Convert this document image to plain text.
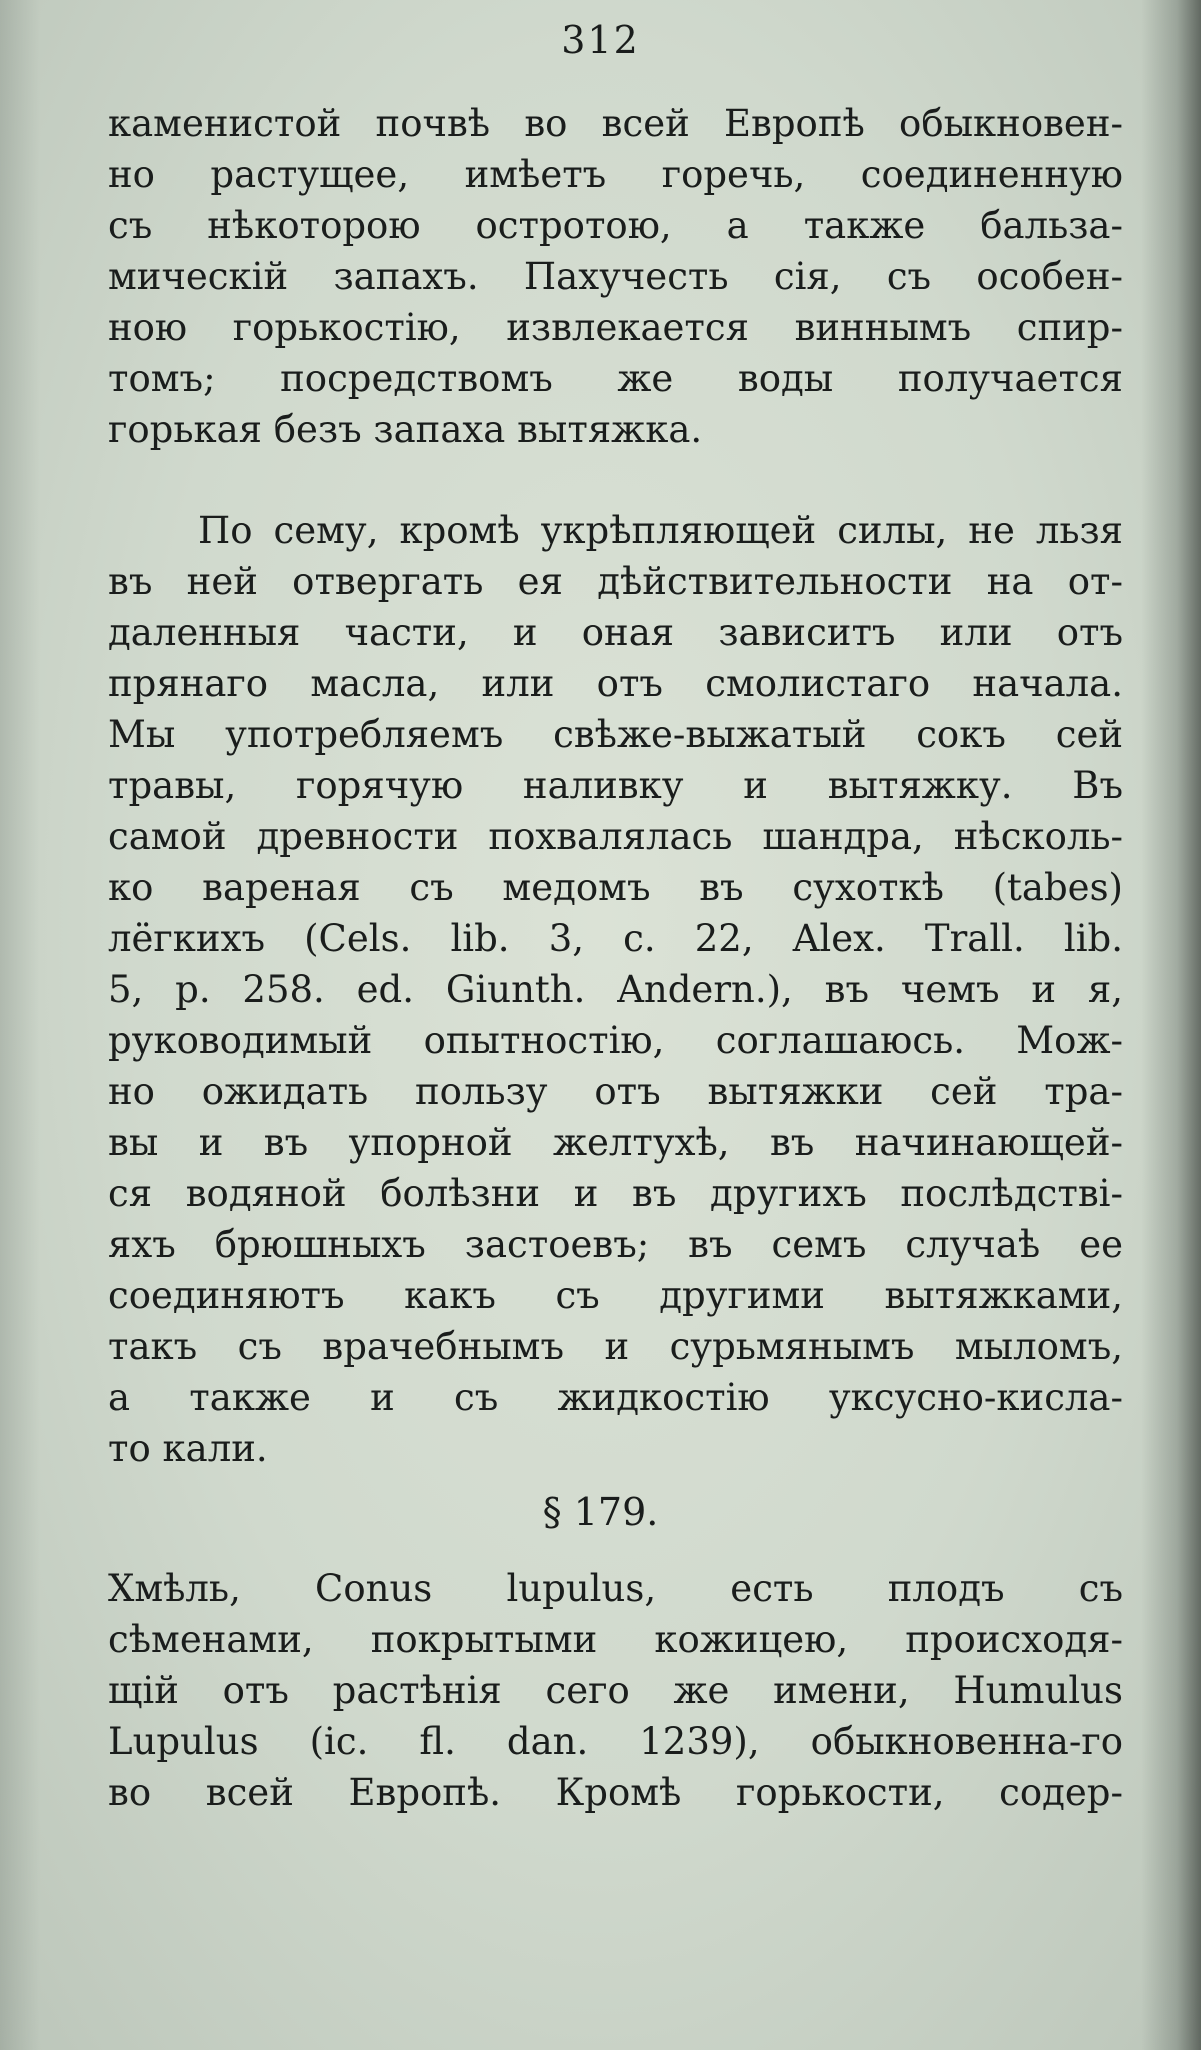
312
каменистой почвѣ во всей Европѣ обыкновен-
но растущее, имѣетъ горечь, соединенную
съ нѣкоторою остротою, а также бальза-
мическій запахъ. Пахучесть сія, съ особен-
ною горькостію, извлекается виннымъ спир-
томъ; посредствомъ же воды получается
горькая безъ запаха вытяжка.
По сему, кромѣ укрѣпляющей силы, не льзя
въ ней отвергать ея дѣйствительности на от-
даленныя части, и оная зависитъ или отъ
прянаго масла, или отъ смолистаго начала.
Мы употребляемъ свѣже-выжатый сокъ сей
травы, горячую наливку и вытяжку. Въ
самой древности похвалялась шандра, нѣсколь-
ко вареная съ медомъ въ сухоткѣ (tabes)
лёгкихъ (Cels. lib. 3, c. 22, Alex. Trall. lib.
5, p. 258. ed. Giunth. Andern.), въ чемъ и я,
руководимый опытностію, соглашаюсь. Мож-
но ожидать пользу отъ вытяжки сей тра-
вы и въ упорной желтухѣ, въ начинающей-
ся водяной болѣзни и въ другихъ послѣдстві-
яхъ брюшныхъ застоевъ; въ семъ случаѣ ее
соединяютъ какъ съ другими вытяжками,
такъ съ врачебнымъ и сурьмянымъ мыломъ,
а также и съ жидкостію уксусно-кисла-
то кали.
§ 179.
Хмѣль, Conus lupulus, есть плодъ съ
сѣменами, покрытыми кожицею, происходя-
щій отъ растѣнія сего же имени, Humulus
Lupulus (ic. fl. dan. 1239), обыкновенна-го
во всей Европѣ. Кромѣ горькости, содер-
